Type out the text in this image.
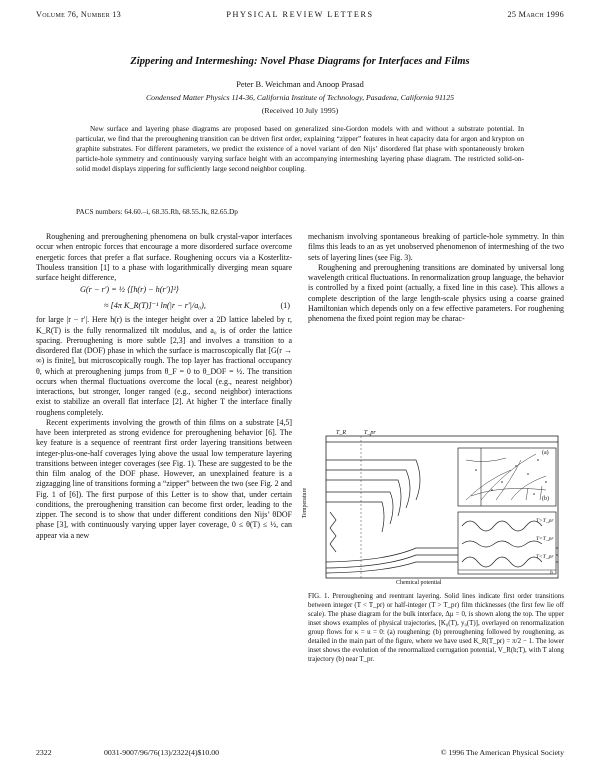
Volume 76, Number 13	PHYSICAL REVIEW LETTERS	25 March 1996
Zippering and Intermeshing: Novel Phase Diagrams for Interfaces and Films
Peter B. Weichman and Anoop Prasad
Condensed Matter Physics 114-36, California Institute of Technology, Pasadena, California 91125
(Received 10 July 1995)
New surface and layering phase diagrams are proposed based on generalized sine-Gordon models with and without a substrate potential. In particular, we find that the preroughening transition can be driven first order, explaining “zipper” features in heat capacity data for argon and krypton on graphite substrates. For different parameters, we predict the existence of a novel variant of den Nijs’ disordered flat phase with spontaneously broken particle-hole symmetry and continuously varying surface height with an accompanying intermeshing layering phase diagram. The restricted solid-on-solid model displays zippering for sufficiently large second neighbor coupling.
PACS numbers: 64.60.–i, 68.35.Rh, 68.55.Jk, 82.65.Dp

Roughening and preroughening phenomena on bulk crystal-vapor interfaces occur when entropic forces that encourage a more disordered surface overcome energetic forces that prefer a flat surface. Roughening occurs via a Kosterlitz-Thouless transition [1] to a phase with logarithmically diverging mean square surface height difference,

G(r − r′) = ½ ⟨[h(r) − h(r′)]²⟩
≈ [4π K_R(T)]⁻¹ ln(|r − r′|/a₀),	(1)

for large |r − r′|. Here h(r) is the integer height over a 2D lattice labeled by r, K_R(T) is the fully renormalized tilt modulus, and a₀ is of order the lattice spacing. Preroughening is more subtle [2,3] and involves a transition to a disordered flat (DOF) phase in which the surface is macroscopically flat [G(r → ∞) is finite], but microscopically rough. The top layer has fractional occupancy θ, which at preroughening jumps from θ_F = 0 to θ_DOF = ½. The transition occurs when thermal fluctuations overcome the local (e.g., nearest neighbor) interactions, but stronger, longer ranged (e.g., second neighbor) interactions exist to stabilize an overall flat interface [2]. At higher T the interface finally roughens completely.

Recent experiments involving the growth of thin films on a substrate [4,5] have been interpreted as strong evidence for preroughening behavior [6]. The key feature is a sequence of reentrant first order layering transitions between integer-plus-one-half coverages lying above the usual low temperature layering transitions between integer coverages (see Fig. 1). These are suggested to be the thin film analog of the DOF phase. However, an unexplained feature is a zigzagging line of transitions forming a “zipper” between the two (see Fig. 2 and Fig. 1 of [6]). The first purpose of this Letter is to show that, under certain conditions, the preroughening transition can become first order, leading to the zipper. The second is to show that under different conditions den Nijs’ θDOF phase [3], with continuously varying upper layer coverage, 0 ≤ θ(T) ≤ ½, can appear via a new

mechanism involving spontaneous breaking of particle-hole symmetry. In thin films this leads to an as yet unobserved phenomenon of intermeshing of the two sets of layering lines (see Fig. 3).

Roughening and preroughening transitions are dominated by universal long wavelength critical fluctuations. In renormalization group language, the behavior is controlled by a fixed point (actually, a fixed line in this case). This allows a complete description of the large length-scale physics using a coarse grained Hamiltonian which depends only on a few effective parameters. For roughening phenomena the fixed point region may be charac-

T_R	T_pr
(a)
(b)
T>T_pr
T=T_pr
T<T_pr
h
Chemical potential
Temperature
FIG. 1. Preroughening and reentrant layering. Solid lines indicate first order transitions between integer (T < T_pr) or half-integer (T > T_pr) film thicknesses (the first few lie off scale). The phase diagram for the bulk interface, Δμ = 0, is shown along the top. The upper inset shows examples of physical trajectories, [K₀(T), y₀(T)], overlayed on renormalization group flows for κ = u = 0: (a) roughening; (b) preroughening followed by roughening, as detailed in the main part of the figure, where we have used K_R(T_pr) = π/2 − 1. The lower inset shows the evolution of the renormalized corrugation potential, V_R(h;T), with T along trajectory (b) near T_pr.
2322	0031-9007/96/76(13)/2322(4)$10.00	© 1996 The American Physical Society
